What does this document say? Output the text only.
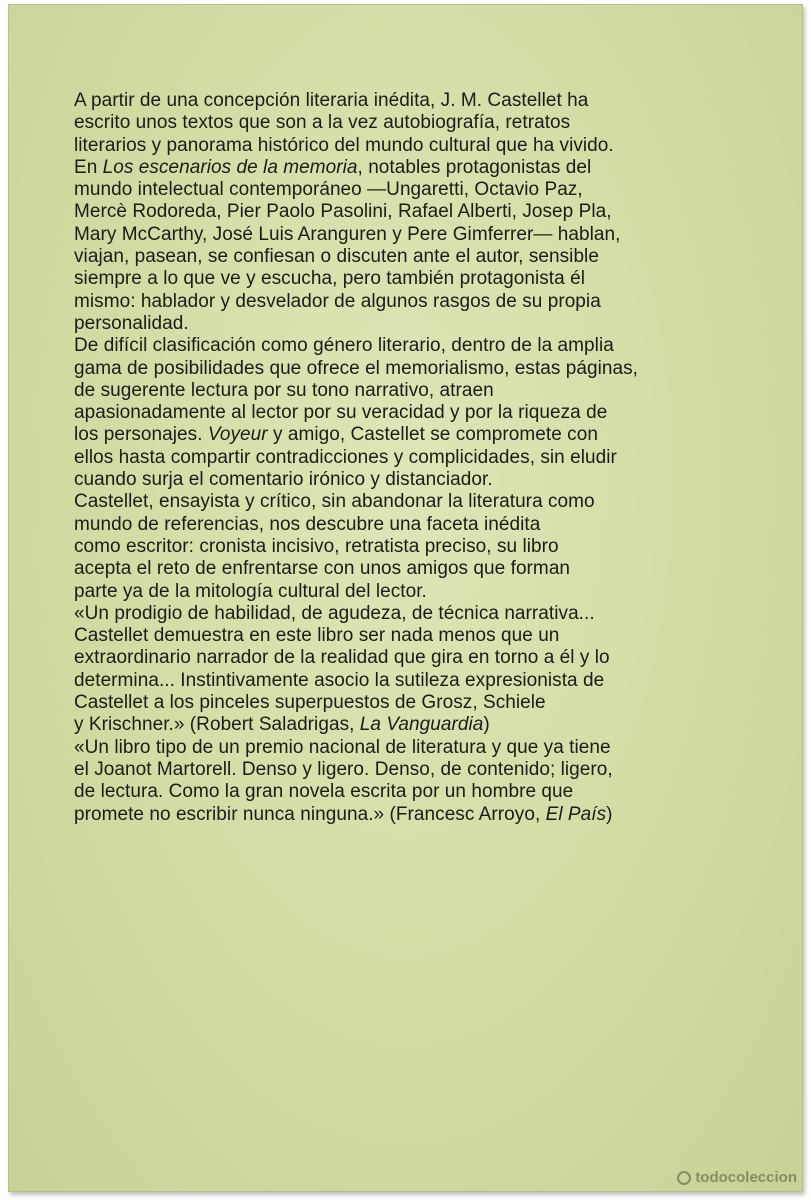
A partir de una concepción literaria inédita, J. M. Castellet ha
escrito unos textos que son a la vez autobiografía, retratos
literarios y panorama histórico del mundo cultural que ha vivido.
En Los escenarios de la memoria, notables protagonistas del
mundo intelectual contemporáneo —Ungaretti, Octavio Paz,
Mercè Rodoreda, Pier Paolo Pasolini, Rafael Alberti, Josep Pla,
Mary McCarthy, José Luis Aranguren y Pere Gimferrer— hablan,
viajan, pasean, se confiesan o discuten ante el autor, sensible
siempre a lo que ve y escucha, pero también protagonista él
mismo: hablador y desvelador de algunos rasgos de su propia
personalidad.
De difícil clasificación como género literario, dentro de la amplia
gama de posibilidades que ofrece el memorialismo, estas páginas,
de sugerente lectura por su tono narrativo, atraen
apasionadamente al lector por su veracidad y por la riqueza de
los personajes. Voyeur y amigo, Castellet se compromete con
ellos hasta compartir contradicciones y complicidades, sin eludir
cuando surja el comentario irónico y distanciador.
Castellet, ensayista y crítico, sin abandonar la literatura como
mundo de referencias, nos descubre una faceta inédita
como escritor: cronista incisivo, retratista preciso, su libro
acepta el reto de enfrentarse con unos amigos que forman
parte ya de la mitología cultural del lector.
«Un prodigio de habilidad, de agudeza, de técnica narrativa...
Castellet demuestra en este libro ser nada menos que un
extraordinario narrador de la realidad que gira en torno a él y lo
determina... Instintivamente asocio la sutileza expresionista de
Castellet a los pinceles superpuestos de Grosz, Schiele
y Krischner.» (Robert Saladrigas, La Vanguardia)
«Un libro tipo de un premio nacional de literatura y que ya tiene
el Joanot Martorell. Denso y ligero. Denso, de contenido; ligero,
de lectura. Como la gran novela escrita por un hombre que
promete no escribir nunca ninguna.» (Francesc Arroyo, El País)
todocoleccion
